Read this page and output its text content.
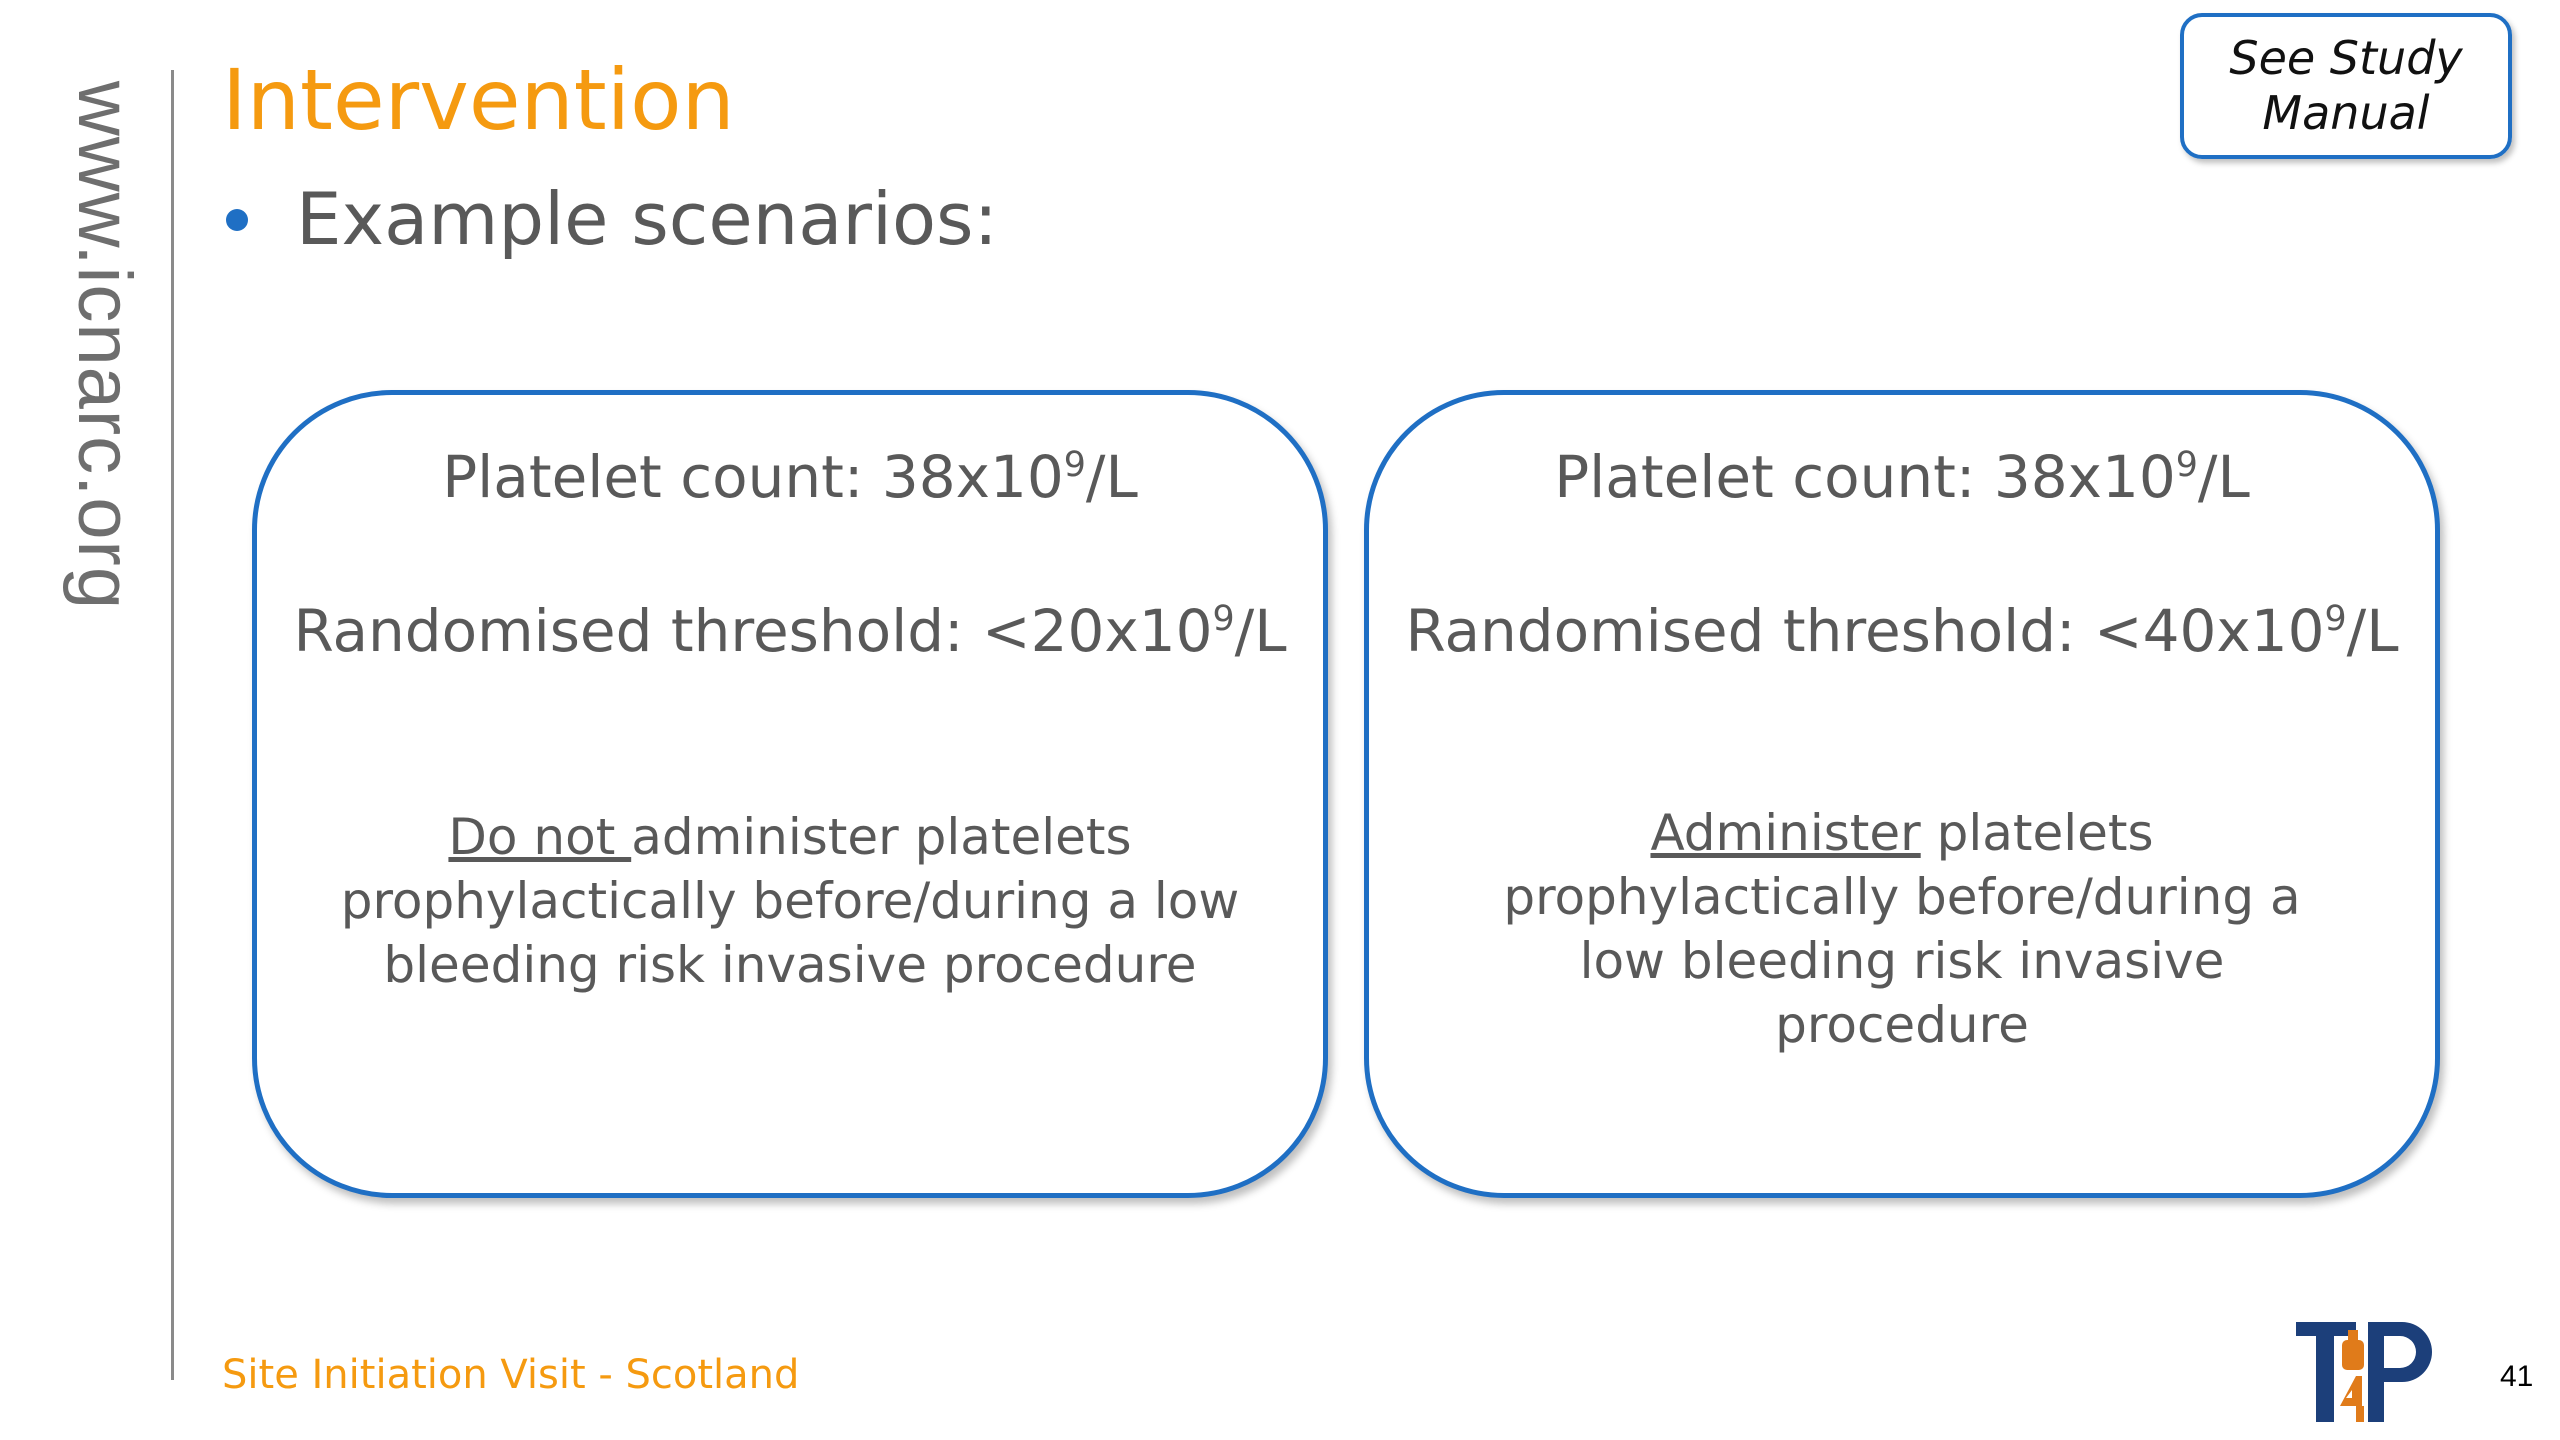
www.icnarc.org Intervention
Example scenarios:
See Study
Manual
Platelet count: $38x10^9/L$
Randomised threshold: $<20x10^9/L$
Do not administer platelets prophylactically before/during a low bleeding risk invasive procedure
Platelet count: $38x10^9/L$
Randomised threshold: $<40x10^9/L$
Administer platelets prophylactically before/during a low bleeding risk invasive procedure
Site Initiation Visit - Scotland	41
